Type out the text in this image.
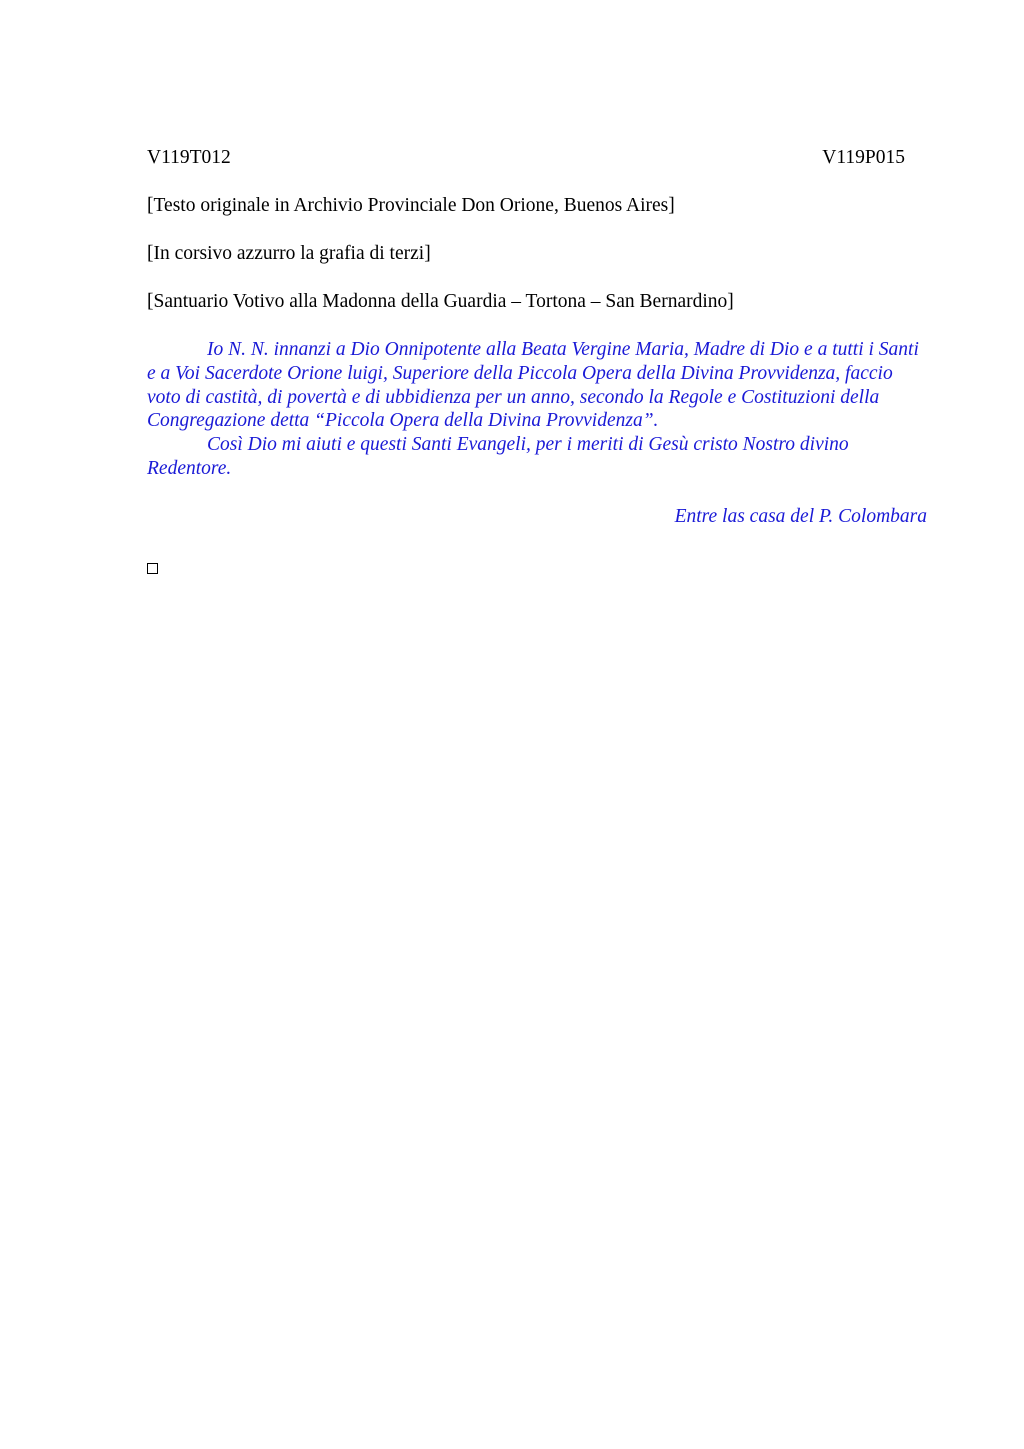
V119T012	V119P015
[Testo originale in Archivio Provinciale Don Orione, Buenos Aires]
[In corsivo azzurro la grafia di terzi]
[Santuario Votivo alla Madonna della Guardia – Tortona – San Bernardino]

Io N. N. innanzi a Dio Onnipotente alla Beata Vergine Maria, Madre di Dio e a tutti i Santi e a Voi Sacerdote Orione luigi, Superiore della Piccola Opera della Divina Provvidenza, faccio voto di castità, di povertà e di ubbidienza per un anno, secondo la Regole e Costituzioni della Congregazione detta “Piccola Opera della Divina Provvidenza”.

Così Dio mi aiuti e questi Santi Evangeli, per i meriti di Gesù cristo Nostro divino Redentore.

Entre las casa del P. Colombara
